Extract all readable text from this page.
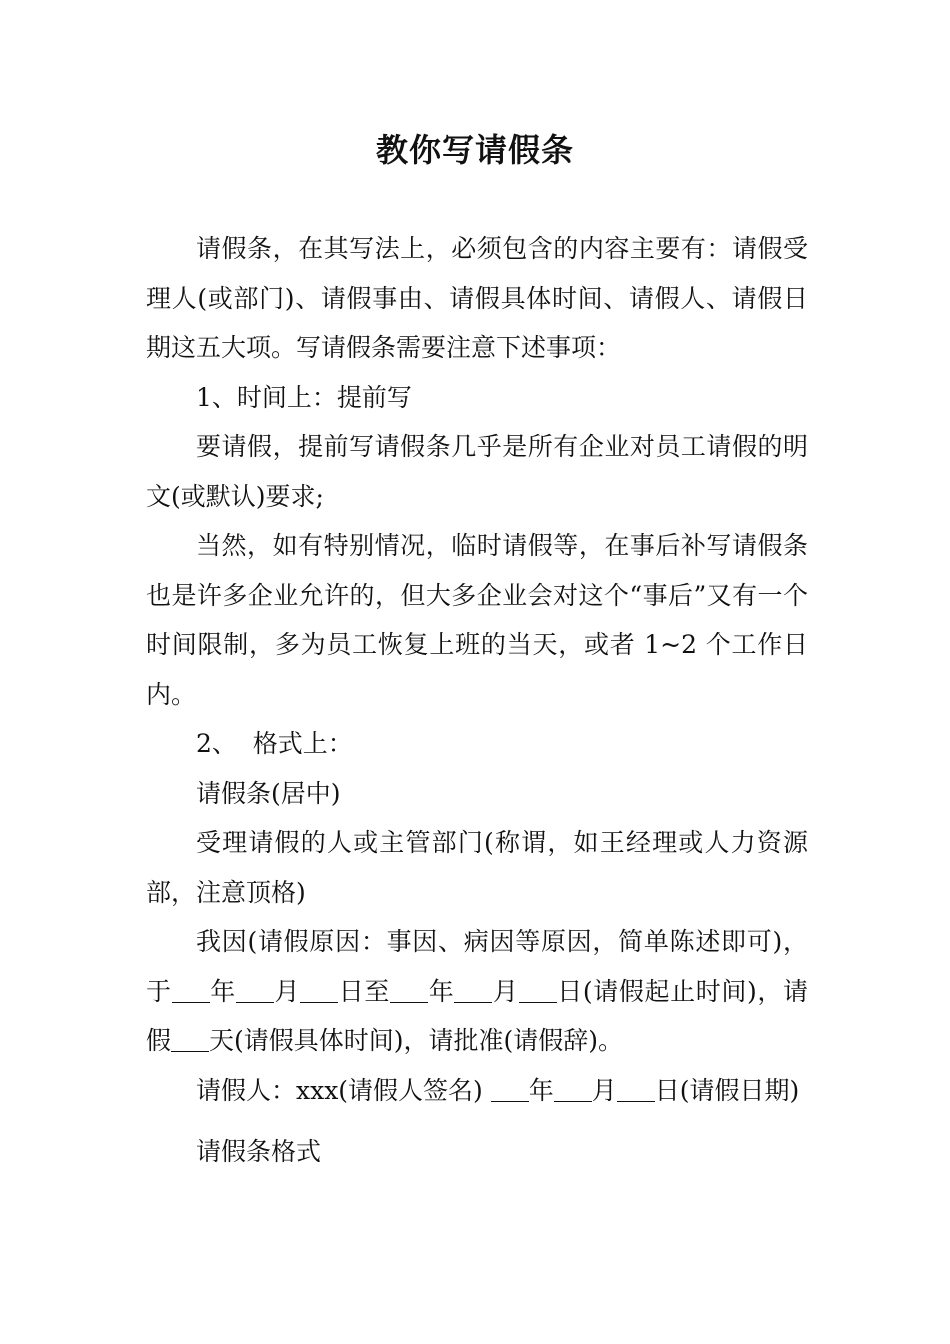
教你写请假条

请假条，在其写法上，必须包含的内容主要有：请假受理人(或部门)、请假事由、请假具体时间、请假人、请假日期这五大项。写请假条需要注意下述事项：

1、时间上：提前写

要请假，提前写请假条几乎是所有企业对员工请假的明文(或默认)要求;

当然，如有特别情况，临时请假等，在事后补写请假条也是许多企业允许的，但大多企业会对这个“事后”又有一个时间限制，多为员工恢复上班的当天，或者 1~2 个工作日内。

2、  格式上：

请假条(居中)

受理请假的人或主管部门(称谓，如王经理或人力资源部，注意顶格)

我因(请假原因：事因、病因等原因，简单陈述即可)，于 年 月 日至 年 月 日(请假起止时间)，请假 天(请假具体时间)，请批准(请假辞)。

请假人：xxx(请假人签名) 年 月 日(请假日期)

请假条格式
